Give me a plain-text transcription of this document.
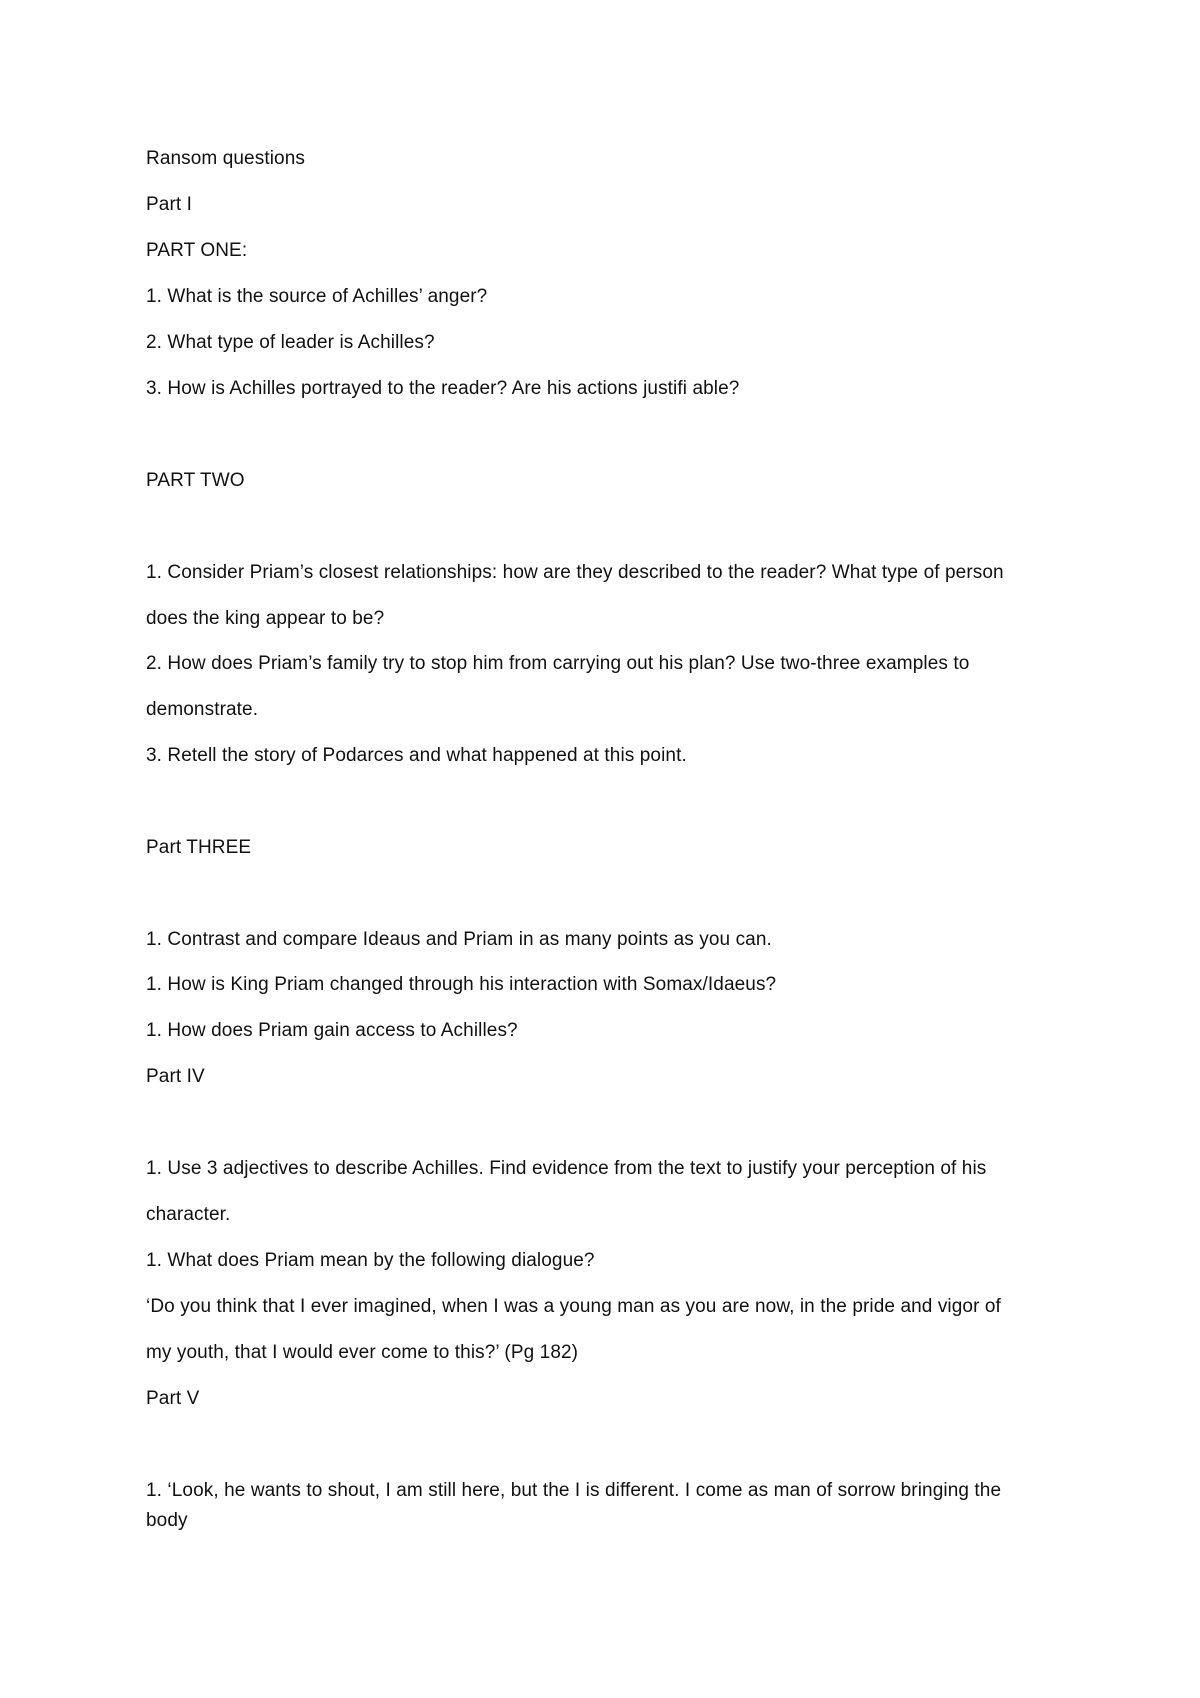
Ransom questions
Part I
PART ONE:
1. What is the source of Achilles’ anger?
2. What type of leader is Achilles?
3. How is Achilles portrayed to the reader? Are his actions justifi able?
PART TWO
1. Consider Priam’s closest relationships: how are they described to the reader? What type of person
does the king appear to be?
2. How does Priam’s family try to stop him from carrying out his plan? Use two-three examples to
demonstrate.
3. Retell the story of Podarces and what happened at this point.
Part THREE
1. Contrast and compare Ideaus and Priam in as many points as you can.
1. How is King Priam changed through his interaction with Somax/Idaeus?
1. How does Priam gain access to Achilles?
Part IV
1. Use 3 adjectives to describe Achilles. Find evidence from the text to justify your perception of his
character.
1. What does Priam mean by the following dialogue?
‘Do you think that I ever imagined, when I was a young man as you are now, in the pride and vigor of
my youth, that I would ever come to this?’ (Pg 182)
Part V
1. ‘Look, he wants to shout, I am still here, but the I is different. I come as man of sorrow bringing the
body
